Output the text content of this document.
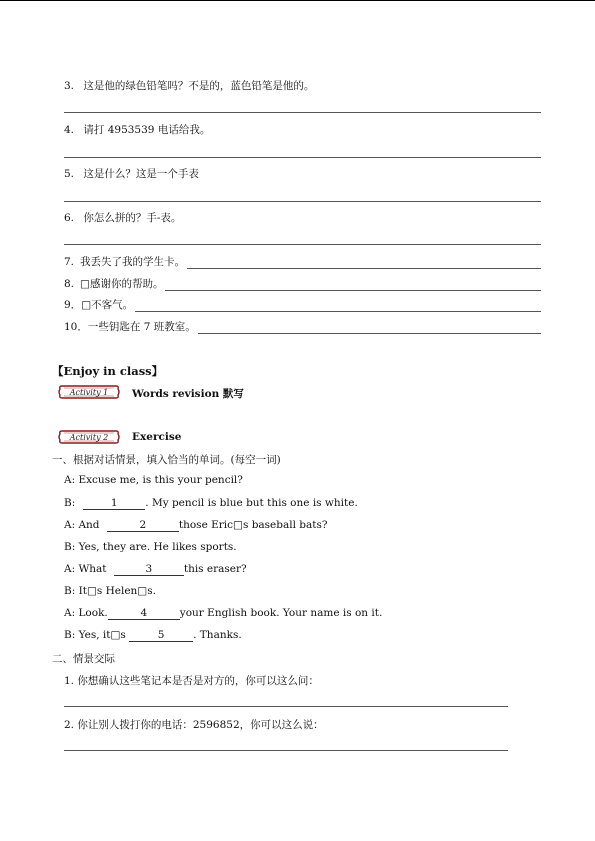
3. 这是他的绿色铅笔吗？不是的，蓝色铅笔是他的。
4. 请打 4953539 电话给我。
5. 这是什么？这是一个手表
6. 你怎么拼的？手-表。
7. 我丢失了我的学生卡。
8. □感谢你的帮助。
9．□不客气。
10．一些钥匙在 7 班教室。
【Enjoy in class】
Activity 1 Words revision 默写
Activity 2 Exercise
一、根据对话情景，填入恰当的单词。(每空一词)
A: Excuse me, is this your pencil?
B:	1	. My pencil is blue but this one is white.
A: And	2	those Eric□s baseball bats?
B: Yes, they are. He likes sports.
A: What	3	this eraser?
B: It□s Helen□s.
A: Look.	4	your English book. Your name is on it.
B: Yes, it□s	5	. Thanks.
二、情景交际
1. 你想确认这些笔记本是否是对方的，你可以这么问：
2. 你让别人拨打你的电话：2596852，你可以这么说：
